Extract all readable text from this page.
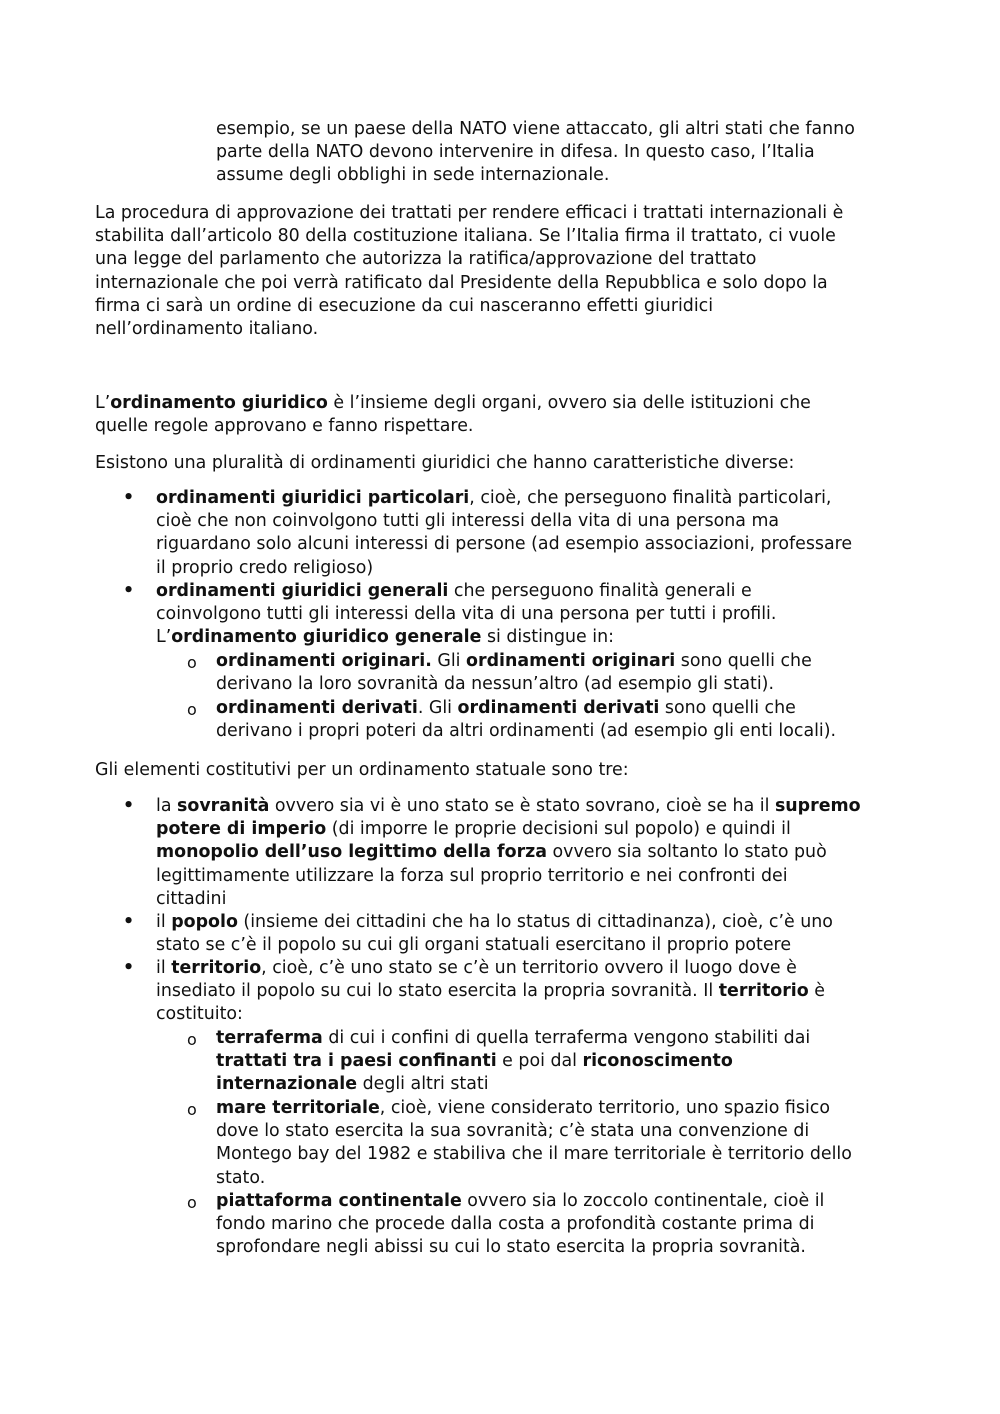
esempio, se un paese della NATO viene attaccato, gli altri stati che fanno
parte della NATO devono intervenire in difesa. In questo caso, l’Italia
assume degli obblighi in sede internazionale.
La procedura di approvazione dei trattati per rendere efficaci i trattati internazionali è
stabilita dall’articolo 80 della costituzione italiana. Se l’Italia firma il trattato, ci vuole
una legge del parlamento che autorizza la ratifica/approvazione del trattato
internazionale che poi verrà ratificato dal Presidente della Repubblica e solo dopo la
firma ci sarà un ordine di esecuzione da cui nasceranno effetti giuridici
nell’ordinamento italiano.
L’ordinamento giuridico è l’insieme degli organi, ovvero sia delle istituzioni che
quelle regole approvano e fanno rispettare.
Esistono una pluralità di ordinamenti giuridici che hanno caratteristiche diverse:
• ordinamenti giuridici particolari, cioè, che perseguono finalità particolari,
cioè che non coinvolgono tutti gli interessi della vita di una persona ma
riguardano solo alcuni interessi di persone (ad esempio associazioni, professare
il proprio credo religioso)
• ordinamenti giuridici generali che perseguono finalità generali e
coinvolgono tutti gli interessi della vita di una persona per tutti i profili.
L’ordinamento giuridico generale si distingue in:
o ordinamenti originari. Gli ordinamenti originari sono quelli che
derivano la loro sovranità da nessun’altro (ad esempio gli stati).
o ordinamenti derivati. Gli ordinamenti derivati sono quelli che
derivano i propri poteri da altri ordinamenti (ad esempio gli enti locali).
Gli elementi costitutivi per un ordinamento statuale sono tre:
• la sovranità ovvero sia vi è uno stato se è stato sovrano, cioè se ha il supremo
potere di imperio (di imporre le proprie decisioni sul popolo) e quindi il
monopolio dell’uso legittimo della forza ovvero sia soltanto lo stato può
legittimamente utilizzare la forza sul proprio territorio e nei confronti dei
cittadini
• il popolo (insieme dei cittadini che ha lo status di cittadinanza), cioè, c’è uno
stato se c’è il popolo su cui gli organi statuali esercitano il proprio potere
• il territorio, cioè, c’è uno stato se c’è un territorio ovvero il luogo dove è
insediato il popolo su cui lo stato esercita la propria sovranità. Il territorio è
costituito:
o terraferma di cui i confini di quella terraferma vengono stabiliti dai
trattati tra i paesi confinanti e poi dal riconoscimento
internazionale degli altri stati
o mare territoriale, cioè, viene considerato territorio, uno spazio fisico
dove lo stato esercita la sua sovranità; c’è stata una convenzione di
Montego bay del 1982 e stabiliva che il mare territoriale è territorio dello
stato.
o piattaforma continentale ovvero sia lo zoccolo continentale, cioè il
fondo marino che procede dalla costa a profondità costante prima di
sprofondare negli abissi su cui lo stato esercita la propria sovranità.
